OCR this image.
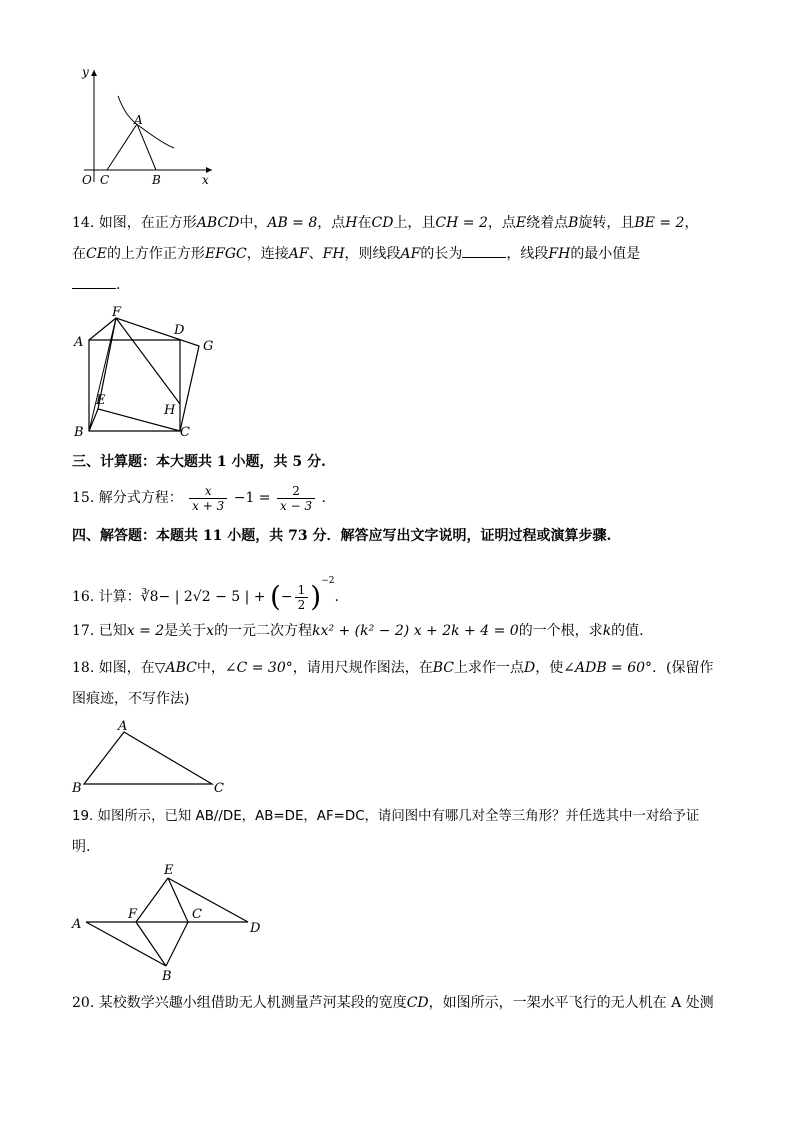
y
x
O C	B
A
14. 如图，在正方形ABCD中，AB = 8，点H在CD上，且CH = 2，点E绕着点B旋转，且BE = 2，
在CE的上方作正方形EFGC，连接AF、FH，则线段AF的长为	，线段FH的最小值是
.
A
B	C
D
E
F
G
H
三、计算题：本大题共 1 小题，共 5 分.
15. 解分式方程： $\frac{x}{x + 3} -1 = \frac{2}{x - 3}$ .
四、解答题：本题共 11 小题，共 73 分．解答应写出文字说明，证明过程或演算步骤.
16. 计算：∛8− | 2√2 − 5 | + (− $\frac{1}{2} )^{-2}$.
17. 已知x = 2是关于x的一元二次方程kx² + (k² − 2) x + 2k + 4 = 0的一个根，求k的值.
18. 如图，在▽ABC中，∠C = 30°，请用尺规作图法，在BC上求作一点D，使∠ADB = 60°．(保留作
图痕迹，不写作法)
A
B	C
19. 如图所示，已知 AB//DE，AB=DE，AF=DC，请问图中有哪几对全等三角形？并任选其中一对给予证
明.
A
B
C
D
E
F
20. 某校数学兴趣小组借助无人机测量芦河某段的宽度CD，如图所示，一架水平飞行的无人机在 A 处测
